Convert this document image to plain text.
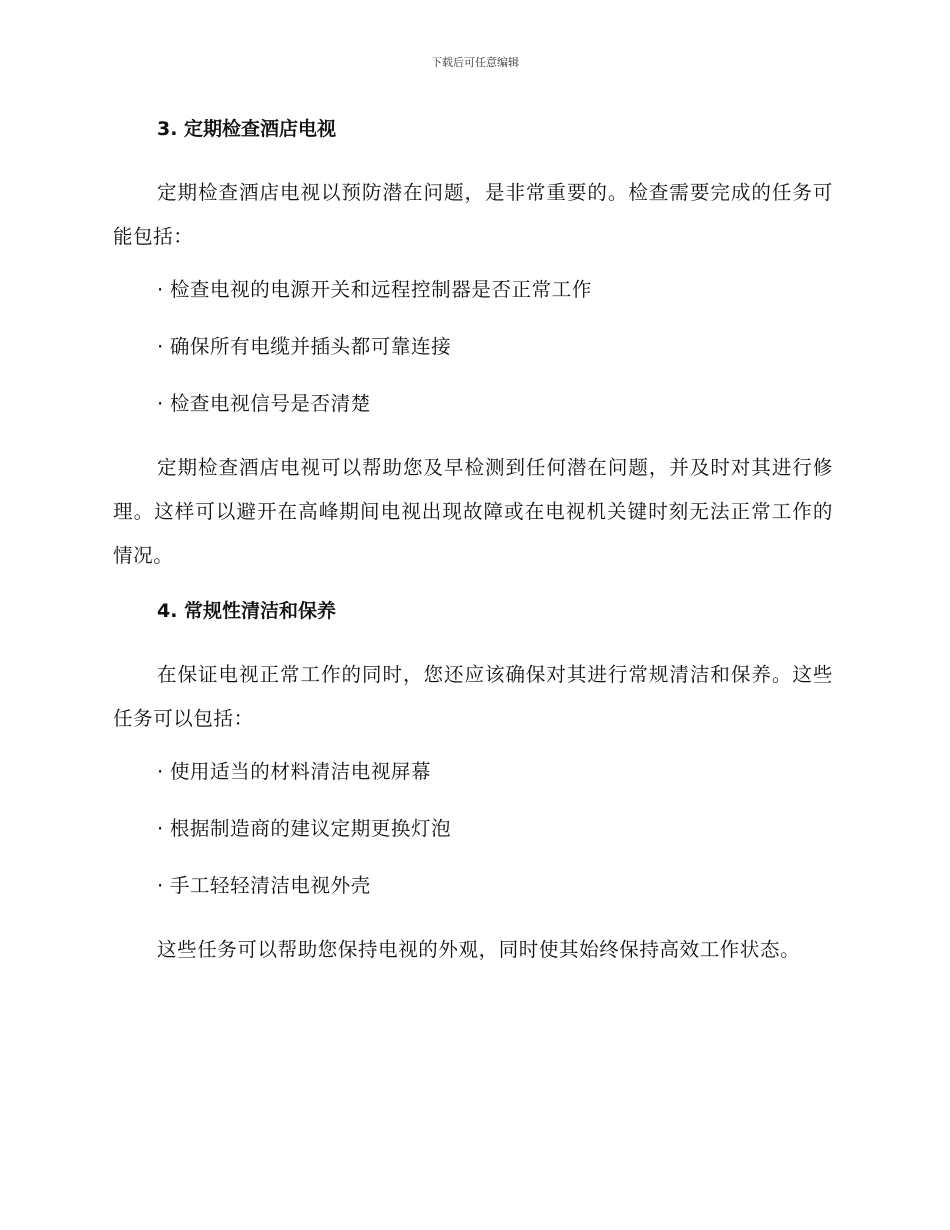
下载后可任意编辑
3. 定期检查酒店电视
定期检查酒店电视以预防潜在问题，是非常重要的。检查需要完成的任务可能包括：
· 检查电视的电源开关和远程控制器是否正常工作
· 确保所有电缆并插头都可靠连接
· 检查电视信号是否清楚
定期检查酒店电视可以帮助您及早检测到任何潜在问题，并及时对其进行修理。这样可以避开在高峰期间电视出现故障或在电视机关键时刻无法正常工作的情况。
4. 常规性清洁和保养
在保证电视正常工作的同时，您还应该确保对其进行常规清洁和保养。这些任务可以包括：
· 使用适当的材料清洁电视屏幕
· 根据制造商的建议定期更换灯泡
· 手工轻轻清洁电视外壳
这些任务可以帮助您保持电视的外观，同时使其始终保持高效工作状态。
